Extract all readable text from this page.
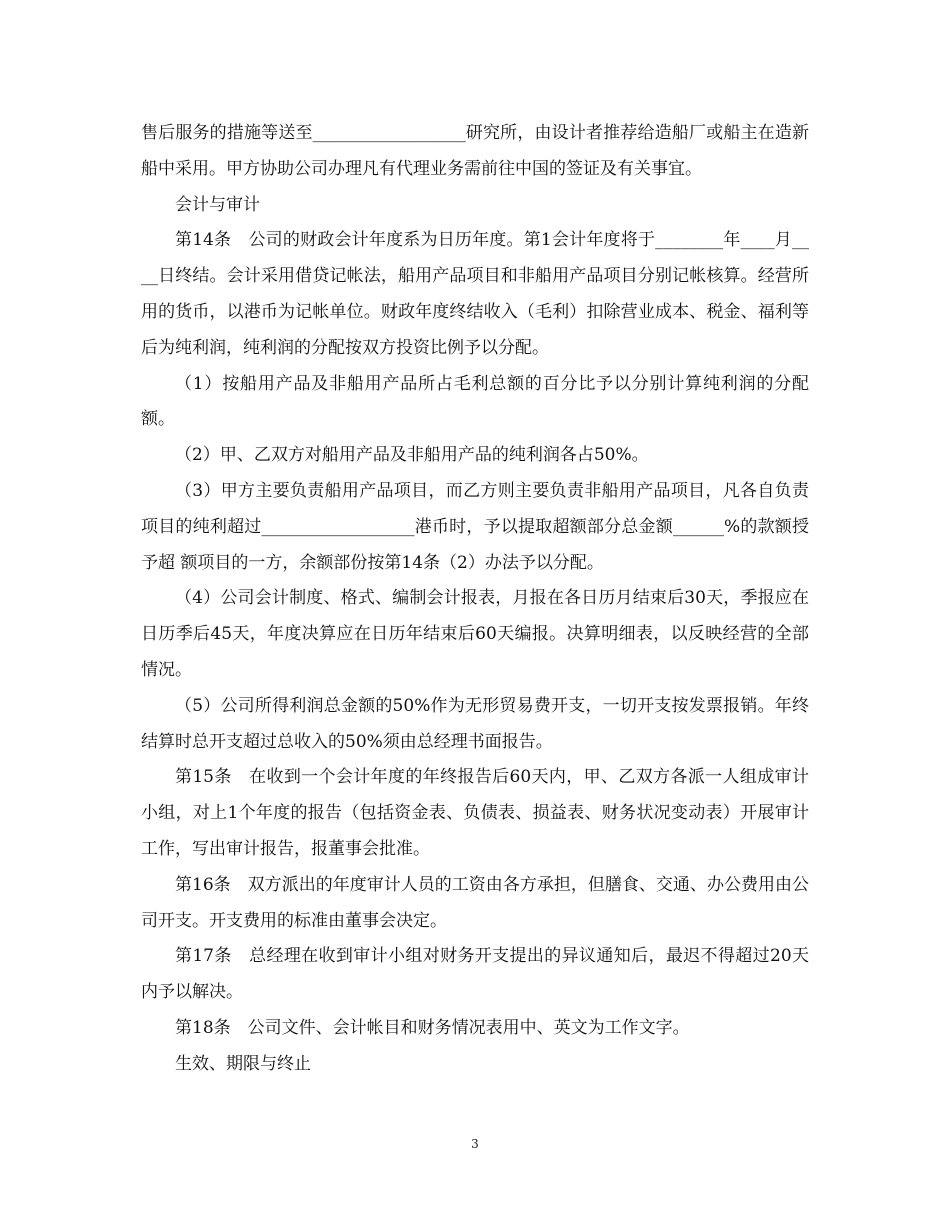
售后服务的措施等送至__________________研究所，由设计者推荐给造船厂或船主在造新船中采用。甲方协助公司办理凡有代理业务需前往中国的签证及有关事宜。

会计与审计

第14条　公司的财政会计年度系为日历年度。第1会计年度将于________年____月____日终结。会计采用借贷记帐法，船用产品项目和非船用产品项目分别记帐核算。经营所用的货币，以港币为记帐单位。财政年度终结收入（毛利）扣除营业成本、税金、福利等后为纯利润，纯利润的分配按双方投资比例予以分配。

（1）按船用产品及非船用产品所占毛利总额的百分比予以分别计算纯利润的分配额。

（2）甲、乙双方对船用产品及非船用产品的纯利润各占50%。

（3）甲方主要负责船用产品项目，而乙方则主要负责非船用产品项目，凡各自负责项目的纯利超过__________________港币时，予以提取超额部分总金额______%的款额授予超 额项目的一方，余额部份按第14条（2）办法予以分配。

（4）公司会计制度、格式、编制会计报表，月报在各日历月结束后30天，季报应在日历季后45天，年度决算应在日历年结束后60天编报。决算明细表，以反映经营的全部情况。

（5）公司所得利润总金额的50%作为无形贸易费开支，一切开支按发票报销。年终结算时总开支超过总收入的50%须由总经理书面报告。

第15条　在收到一个会计年度的年终报告后60天内，甲、乙双方各派一人组成审计小组，对上1个年度的报告（包括资金表、负债表、损益表、财务状况变动表）开展审计工作，写出审计报告，报董事会批准。

第16条　双方派出的年度审计人员的工资由各方承担，但膳食、交通、办公费用由公司开支。开支费用的标准由董事会决定。

第17条　总经理在收到审计小组对财务开支提出的异议通知后，最迟不得超过20天内予以解决。

第18条　公司文件、会计帐目和财务情况表用中、英文为工作文字。

生效、期限与终止

3
